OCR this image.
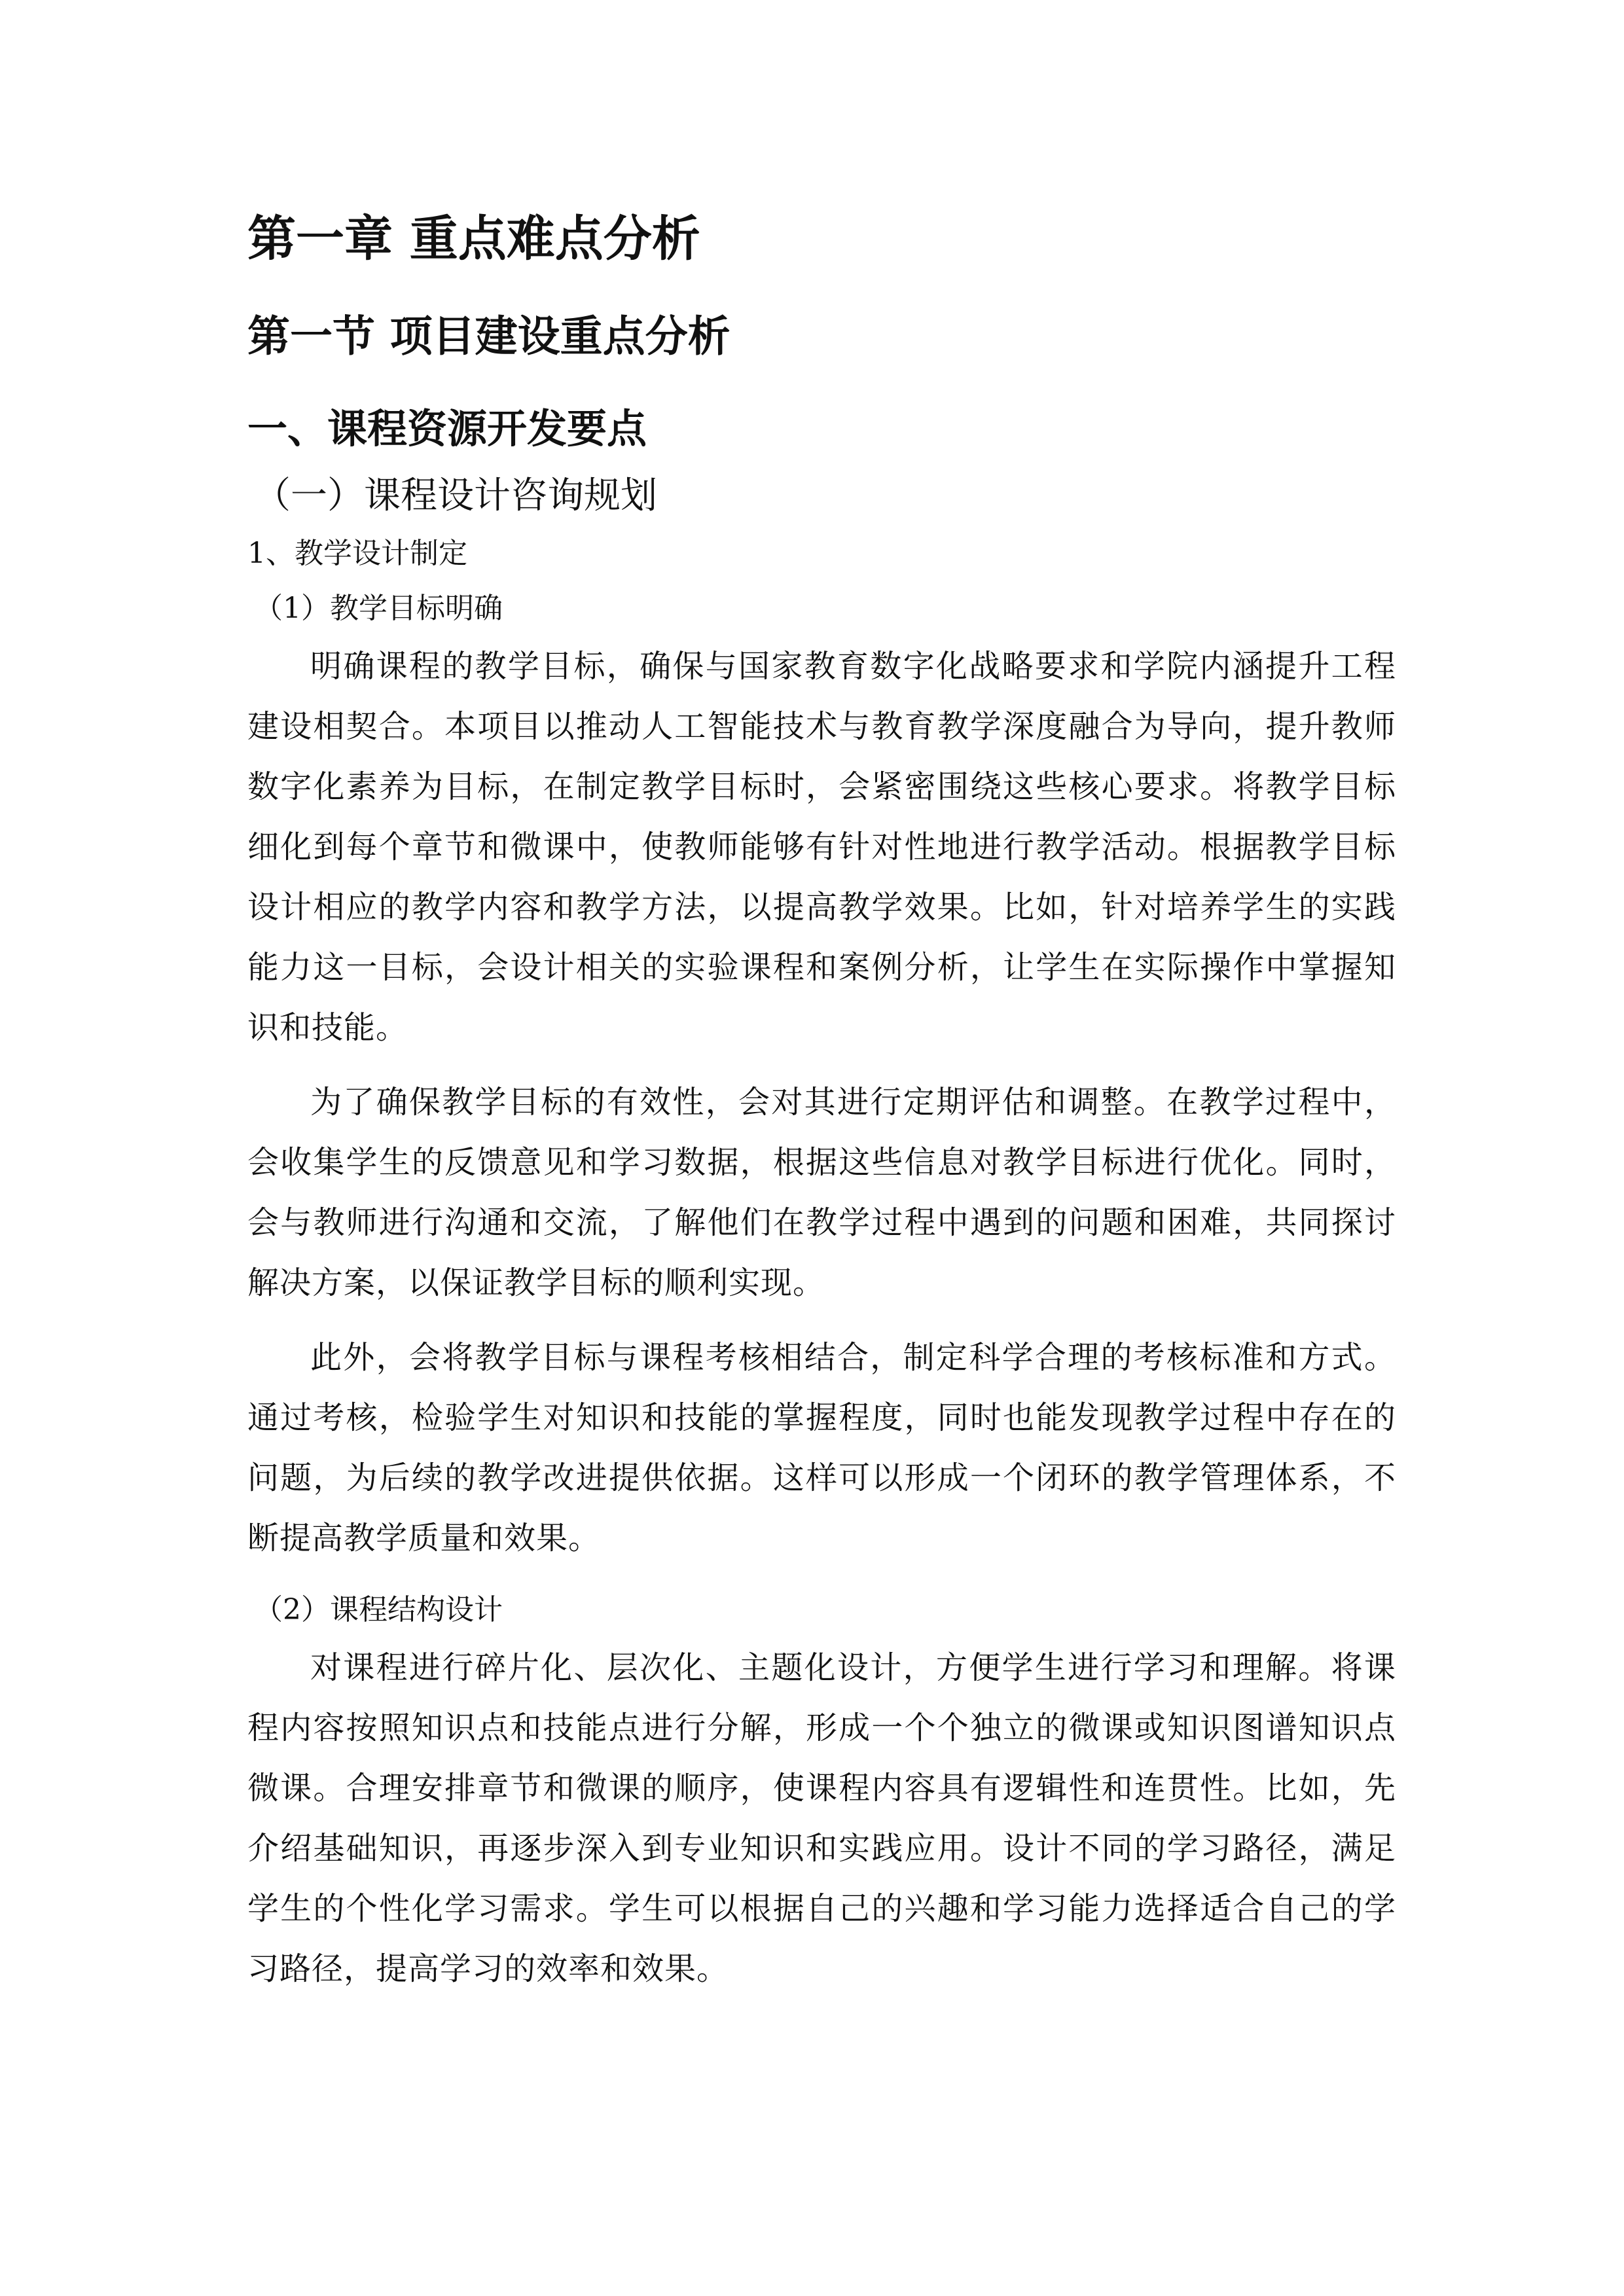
第一章 重点难点分析
第一节 项目建设重点分析
一、课程资源开发要点
（一）课程设计咨询规划
1、教学设计制定
（1）教学目标明确

明确课程的教学目标，确保与国家教育数字化战略要求和学院内涵提升工程建设相契合。本项目以推动人工智能技术与教育教学深度融合为导向，提升教师数字化素养为目标，在制定教学目标时，会紧密围绕这些核心要求。将教学目标细化到每个章节和微课中，使教师能够有针对性地进行教学活动。根据教学目标设计相应的教学内容和教学方法，以提高教学效果。比如，针对培养学生的实践能力这一目标，会设计相关的实验课程和案例分析，让学生在实际操作中掌握知识和技能。

为了确保教学目标的有效性，会对其进行定期评估和调整。在教学过程中，会收集学生的反馈意见和学习数据，根据这些信息对教学目标进行优化。同时，会与教师进行沟通和交流，了解他们在教学过程中遇到的问题和困难，共同探讨解决方案，以保证教学目标的顺利实现。

此外，会将教学目标与课程考核相结合，制定科学合理的考核标准和方式。通过考核，检验学生对知识和技能的掌握程度，同时也能发现教学过程中存在的问题，为后续的教学改进提供依据。这样可以形成一个闭环的教学管理体系，不断提高教学质量和效果。

（2）课程结构设计

对课程进行碎片化、层次化、主题化设计，方便学生进行学习和理解。将课程内容按照知识点和技能点进行分解，形成一个个独立的微课或知识图谱知识点微课。合理安排章节和微课的顺序，使课程内容具有逻辑性和连贯性。比如，先介绍基础知识，再逐步深入到专业知识和实践应用。设计不同的学习路径，满足学生的个性化学习需求。学生可以根据自己的兴趣和学习能力选择适合自己的学习路径，提高学习的效率和效果。
